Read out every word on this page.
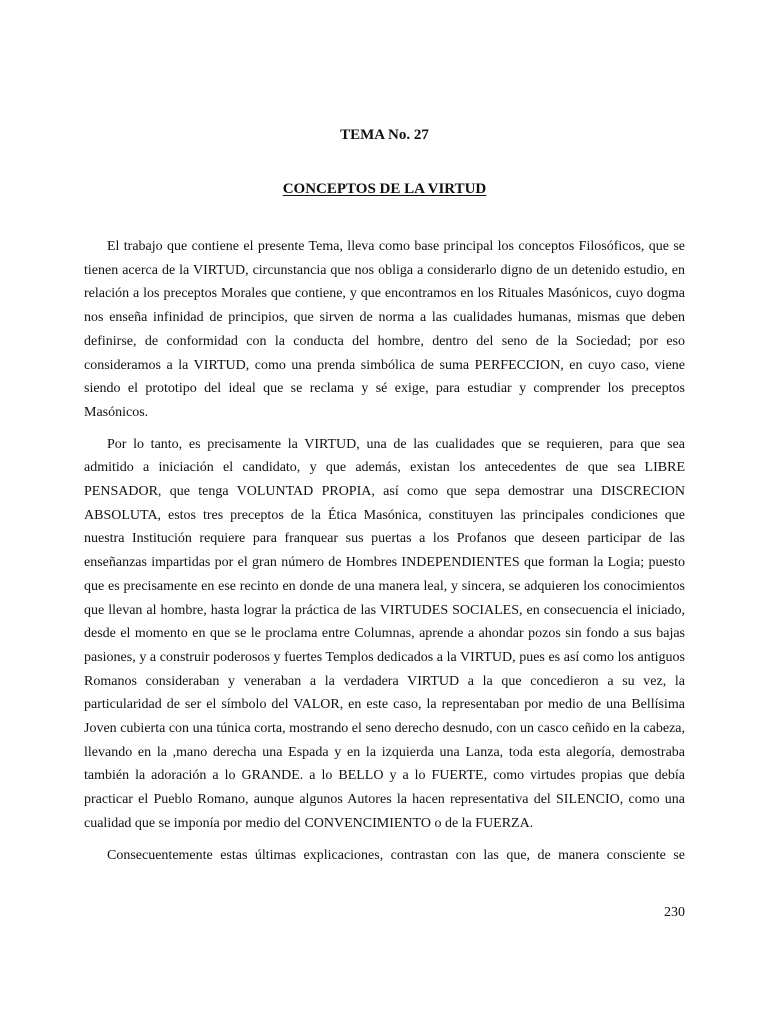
TEMA No. 27
CONCEPTOS DE LA VIRTUD

El trabajo que contiene el presente Tema, lleva como base principal los conceptos Filosóficos, que se tienen acerca de la VIRTUD, circunstancia que nos obliga a considerarlo digno de un detenido estudio, en relación a los preceptos Morales que contiene, y que encontramos en los Rituales Masónicos, cuyo dogma nos enseña infinidad de principios, que sirven de norma a las cualidades humanas, mismas que deben definirse, de conformidad con la conducta del hombre, dentro del seno de la Sociedad; por eso consideramos a la VIRTUD, como una prenda simbólica de suma PERFECCION, en cuyo caso, viene siendo el prototipo del ideal que se reclama y sé exige, para estudiar y comprender los preceptos Masónicos.

Por lo tanto, es precisamente la VIRTUD, una de las cualidades que se requieren, para que sea admitido a iniciación el candidato, y que además, existan los antecedentes de que sea LIBRE PENSADOR, que tenga VOLUNTAD PROPIA, así como que sepa demostrar una DISCRECION ABSOLUTA, estos tres preceptos de la Ética Masónica, constituyen las principales condiciones que nuestra Institución requiere para franquear sus puertas a los Profanos que deseen participar de las enseñanzas impartidas por el gran número de Hombres INDEPENDIENTES que forman la Logia; puesto que es precisamente en ese recinto en donde de una manera leal, y sincera, se adquieren los conocimientos que llevan al hombre, hasta lograr la práctica de las VIRTUDES SOCIALES, en consecuencia el iniciado, desde el momento en que se le proclama entre Columnas, aprende a ahondar pozos sin fondo a sus bajas pasiones, y a construir poderosos y fuertes Templos dedicados a la VIRTUD, pues es así como los antiguos Romanos consideraban y veneraban a la verdadera VIRTUD a la que concedieron a su vez, la particularidad de ser el símbolo del VALOR, en este caso, la representaban por medio de una Bellísima Joven cubierta con una túnica corta, mostrando el seno derecho desnudo, con un casco ceñido en la cabeza, llevando en la ,mano derecha una Espada y en la izquierda una Lanza, toda esta alegoría, demostraba también la adoración a lo GRANDE. a lo BELLO y a lo FUERTE, como virtudes propias que debía practicar el Pueblo Romano, aunque algunos Autores la hacen representativa del SILENCIO, como una cualidad que se imponía por medio del CONVENCIMIENTO o de la FUERZA.

Consecuentemente estas últimas explicaciones, contrastan con las que, de manera consciente se

230
